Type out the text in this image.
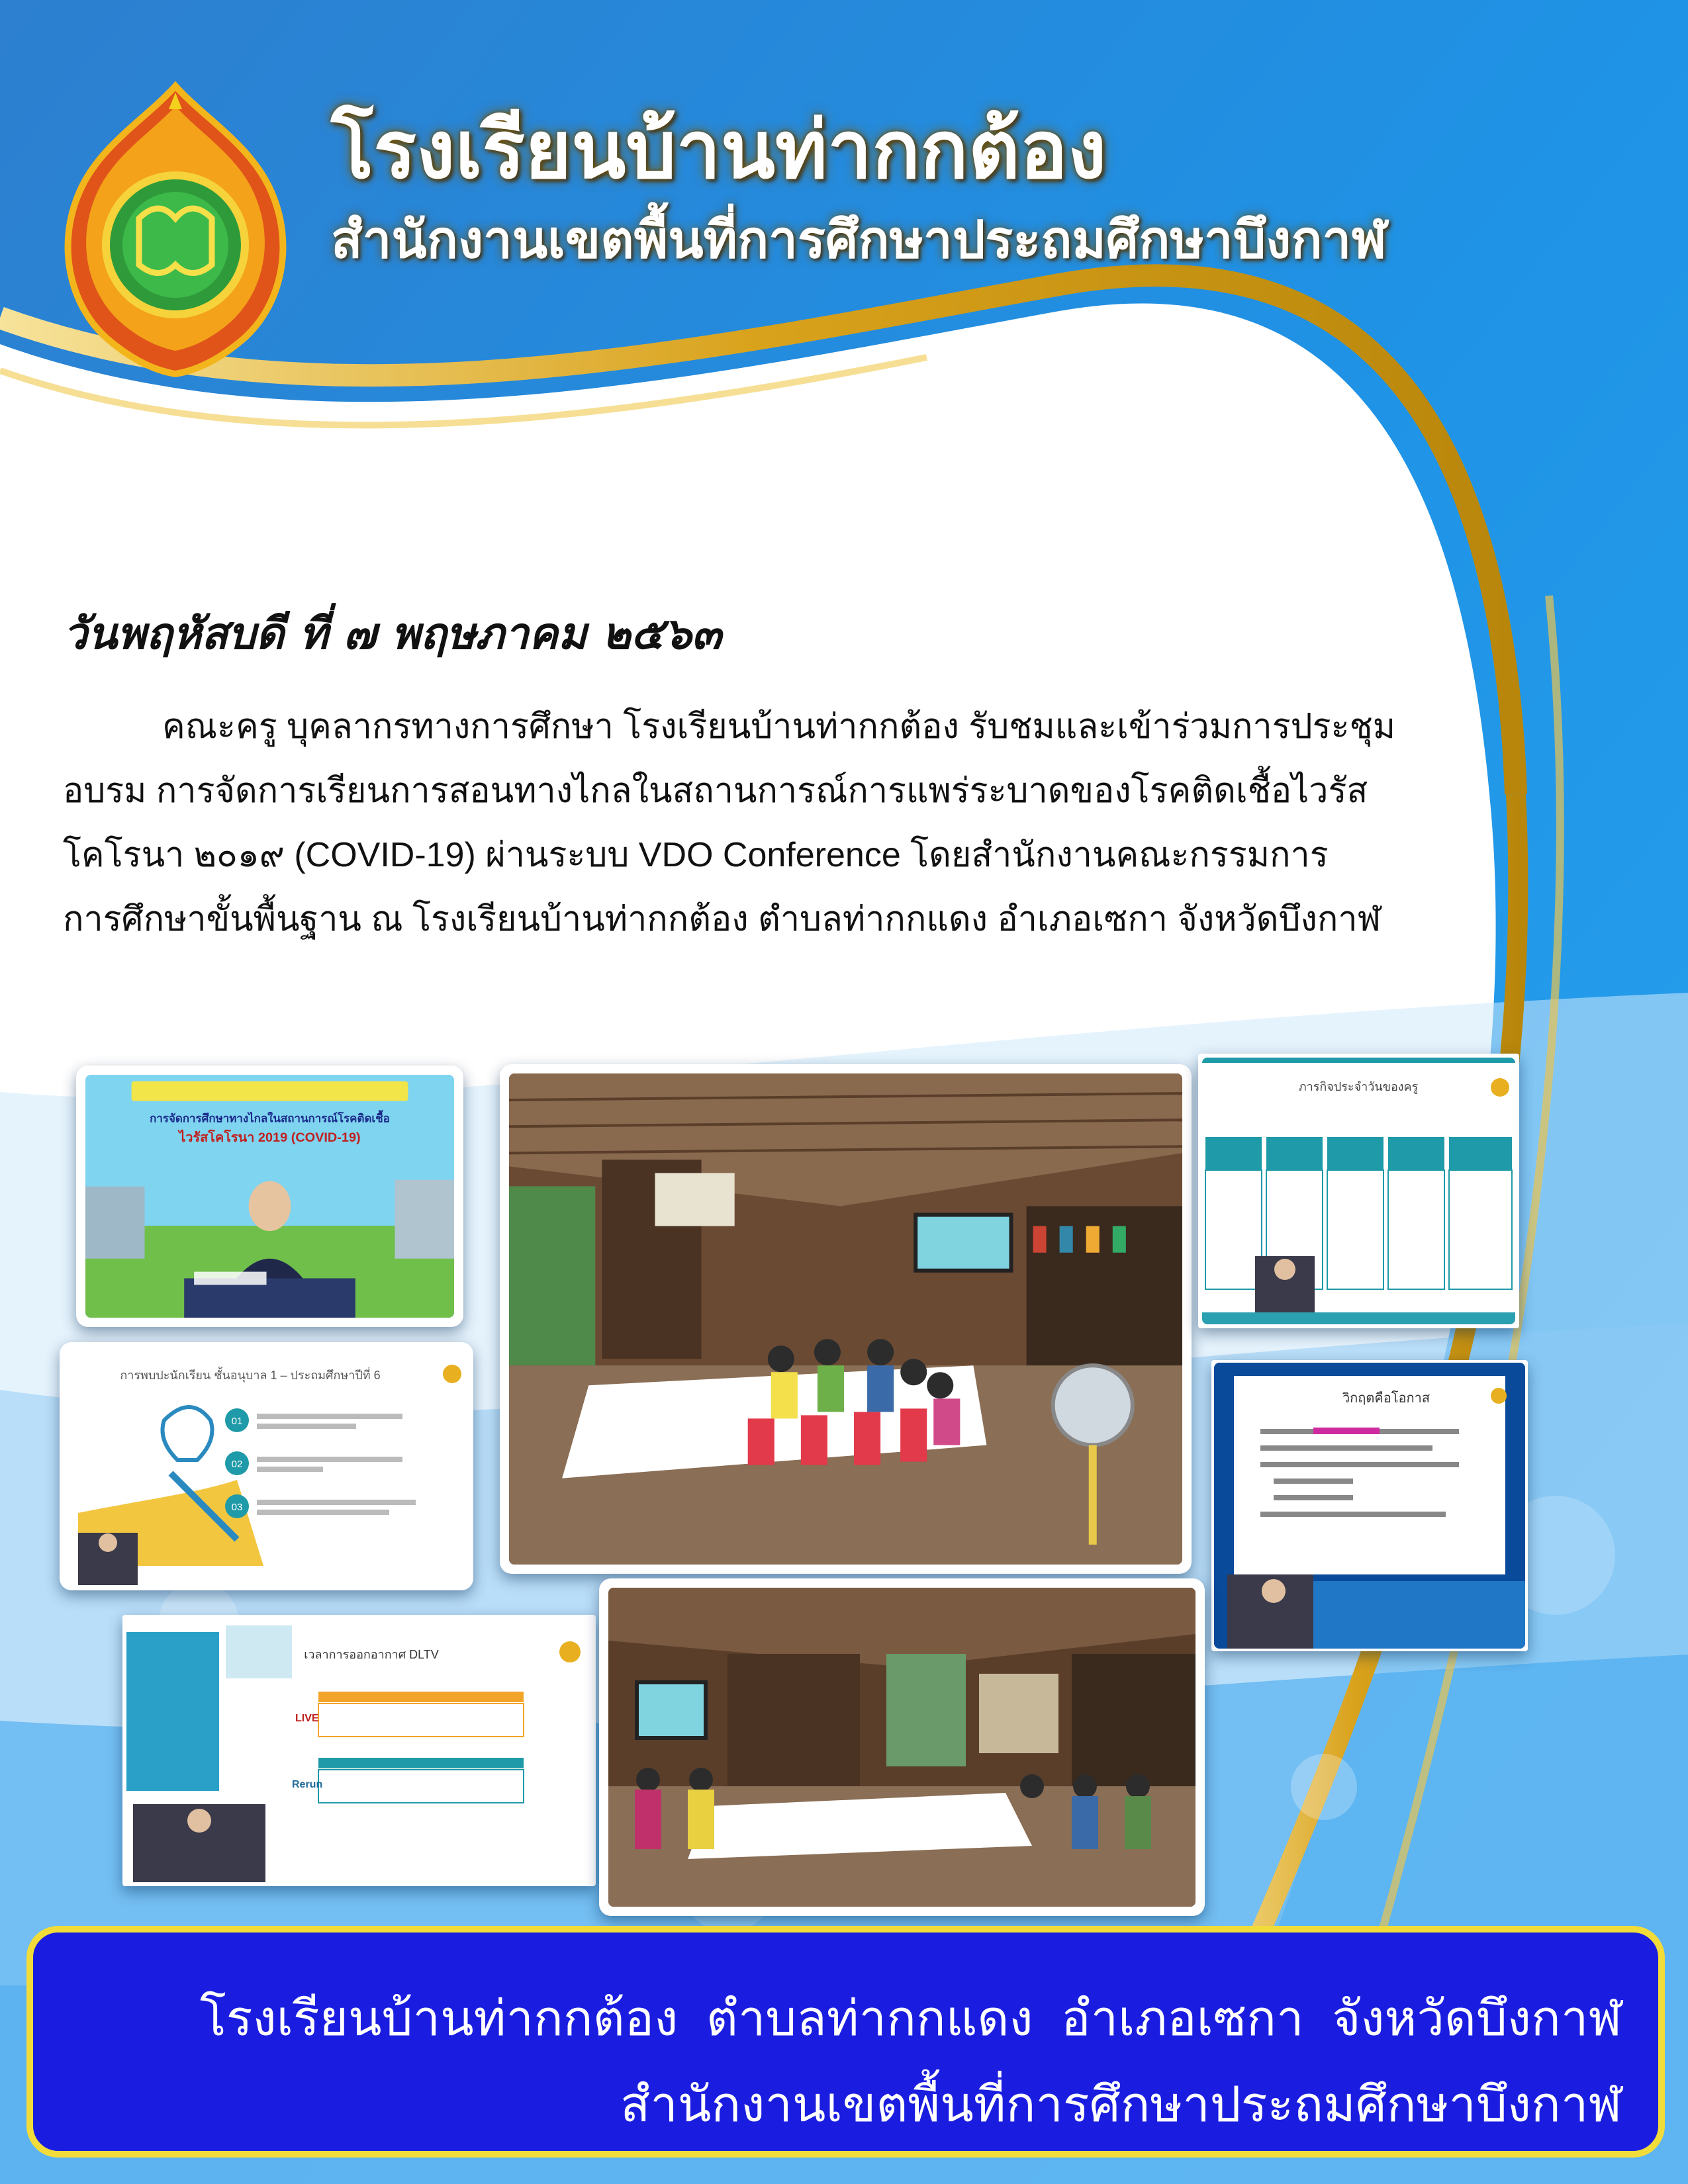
โรงเรียนบ้านท่ากกต้อง
สำนักงานเขตพื้นที่การศึกษาประถมศึกษาบึงกาฬ
วันพฤหัสบดี ที่ ๗ พฤษภาคม ๒๕๖๓

คณะครู บุคลากรทางการศึกษา โรงเรียนบ้านท่ากกต้อง รับชมและเข้าร่วมการประชุม

อบรม การจัดการเรียนการสอนทางไกลในสถานการณ์การแพร่ระบาดของโรคติดเชื้อไวรัส

โคโรนา ๒๐๑๙ (COVID-19) ผ่านระบบ VDO Conference โดยสำนักงานคณะกรรมการ

การศึกษาขั้นพื้นฐาน ณ โรงเรียนบ้านท่ากกต้อง ตำบลท่ากกแดง อำเภอเซกา จังหวัดบึงกาฬ

การจัดการศึกษาทางไกลในสถานการณ์โรคติดเชื้อ
ไวรัสโคโรนา 2019 (COVID-19)
ภารกิจประจำวันของครู
การพบปะนักเรียน ชั้นอนุบาล 1 – ประถมศึกษาปีที่ 6
01
02
03
วิกฤตคือโอกาส
เวลาการออกอากาศ DLTV
LIVE
Rerun
โรงเรียนบ้านท่ากกต้อง ตำบลท่ากกแดง อำเภอเซกา จังหวัดบึงกาฬ
สำนักงานเขตพื้นที่การศึกษาประถมศึกษาบึงกาฬ
